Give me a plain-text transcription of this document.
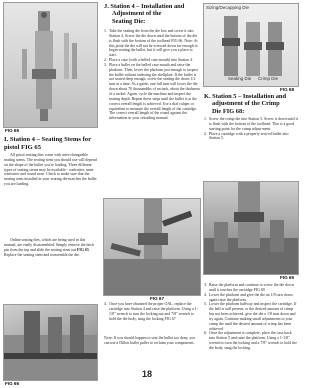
FIG 65
I. Station 4 – Seating Stems for pistol FIG 65
All pistol seating dies come with inter-changeable seating stems. The seating stem you should use will depend on the shape of the bullet you're loading. Three different types of seating stems may be available - wadcutter, semi-wadcutter and round nose. Check to make sure that the seating stem installed in your seating die matches the bullet you are loading.
Online seating dies, which are being used in this manual, are easily disassembled. Simply remove the hitch pin from the top and slide the seating stem out FIG 65. Replace the seating stem and reassemble the die.
FIG 66
J. Station 4 – Installation and
Adjustment of the
Seating Die:
1. Take the seating die from the die box and screw it into Station 4. Screw the die down until the bottom of the die is flush with the bottom of the toolhead FIG 66. Note: At this point the die will not be screwed down far enough to begin seating the bullet, but it will give you a place to start.
2. Place a case (with a belled case mouth) into Station 4.
3. Place a bullet on the belled case mouth and raise the platform. Then, lower the platform just enough to inspect the bullet without indexing the shellplate. If the bullet is not seated deep enough, screw the seating die down 1/2 turn at a time. As a guide, one full turn will lower the die down about 70 thousandths of an inch, about the thickness of a nickel. Again, cycle the machine and inspect the seating depth. Repeat these steps until the bullet is at the correct overall length is achieved. Use a dial caliper or equivalent to measure the overall length of the cartridge. The correct overall length of the round against the information in your reloading manual.
FIG 67
4. Once you have obtained the proper OAL, replace the cartridge into Station 4 and raise the platform. Using a 1-1/8" wrench to turn the locking nut and 7/8" wrench to hold the die body, snug the locking FIG 67
Note: If you should happen to seat the bullet too deep, you can use a Dillon bullet puller to reclaim your components.
Sizing/Decapping Die
Seating Die Crimp Die
FIG 68
K. Station 5 – Installation and
adjustment of the Crimp
Die FIG 68:
1. Screw the crimp die into Station 5. Screw it down until it is flush with the bottom of the toolhead. This is a good starting point for the crimp adjust-ment.
2. Place a cartridge with a properly seat-ed bullet into Station 5.
FIG 69
3. Raise the platform and continue to screw the die down until it touches the cartridge FIG 69
4. Lower the platform and give the die an 1/8 turn down, again raise the platform.
5. Lower the platform halfway and inspect the cartridge. If the bell is still present, or the desired amount of crimp has not been achieved, give the die a 1/8 turn down and try again. Continue making small adjustments to your crimp die until the desired amount of crimp has been achieved.
6. Once the adjustment is complete, place the case back into Station 5 and raise the platform. Using a 1-1/8" wrench to turn the locking and a 7/8" wrench to hold the die body, snug the locking.
18
